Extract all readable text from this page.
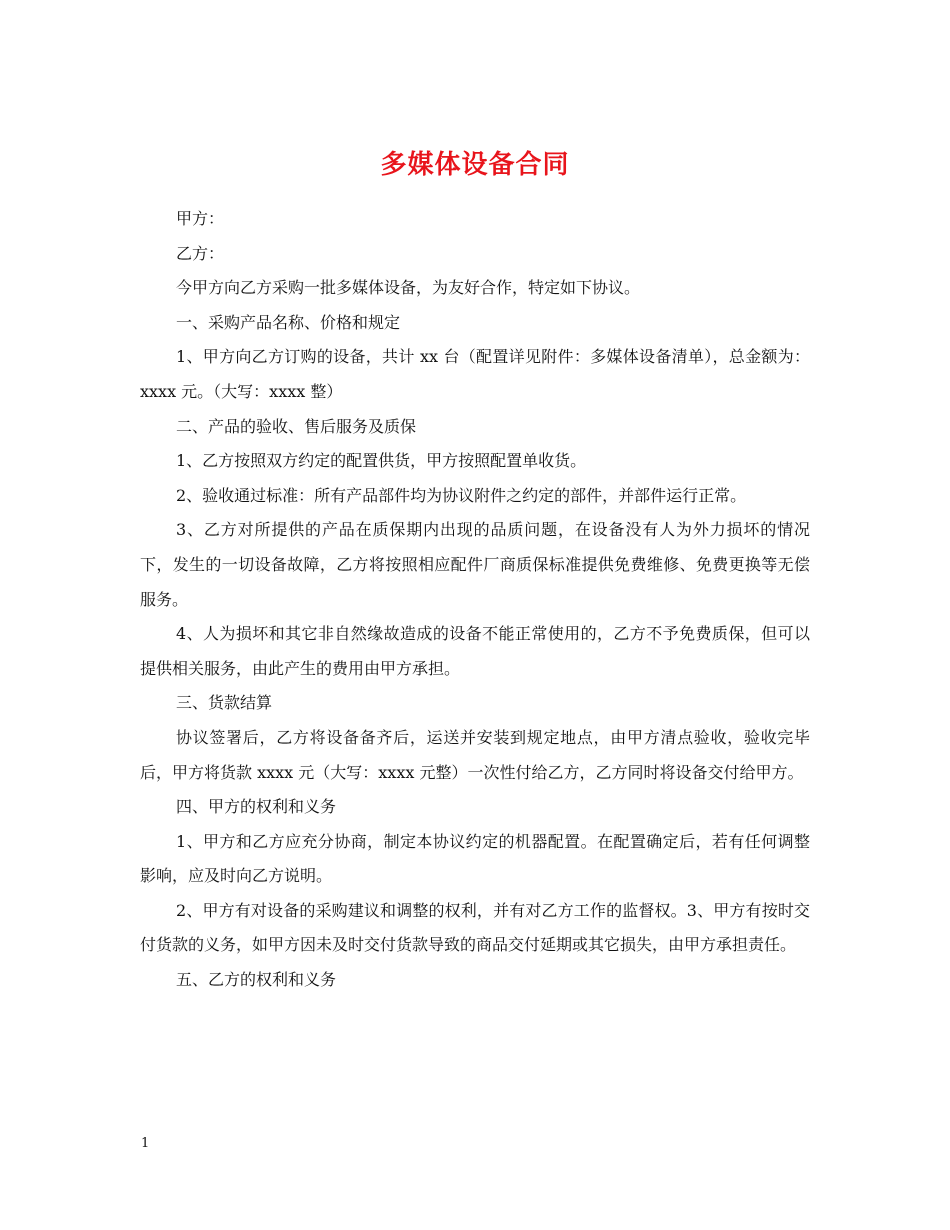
多媒体设备合同

甲方：

乙方：

今甲方向乙方采购一批多媒体设备，为友好合作，特定如下协议。

一、采购产品名称、价格和规定

1、甲方向乙方订购的设备，共计 xx 台（配置详见附件：多媒体设备清单），总金额为：xxxx 元。（大写：xxxx 整）

二、产品的验收、售后服务及质保

1、乙方按照双方约定的配置供货，甲方按照配置单收货。

2、验收通过标准：所有产品部件均为协议附件之约定的部件，并部件运行正常。

3、乙方对所提供的产品在质保期内出现的品质问题，在设备没有人为外力损坏的情况下，发生的一切设备故障，乙方将按照相应配件厂商质保标准提供免费维修、免费更换等无偿服务。

4、人为损坏和其它非自然缘故造成的设备不能正常使用的，乙方不予免费质保，但可以提供相关服务，由此产生的费用由甲方承担。

三、货款结算

协议签署后，乙方将设备备齐后，运送并安装到规定地点，由甲方清点验收，验收完毕后，甲方将货款 xxxx 元（大写：xxxx 元整）一次性付给乙方，乙方同时将设备交付给甲方。

四、甲方的权利和义务

1、甲方和乙方应充分协商，制定本协议约定的机器配置。在配置确定后，若有任何调整影响，应及时向乙方说明。

2、甲方有对设备的采购建议和调整的权利，并有对乙方工作的监督权。3、甲方有按时交付货款的义务，如甲方因未及时交付货款导致的商品交付延期或其它损失，由甲方承担责任。

五、乙方的权利和义务

1
